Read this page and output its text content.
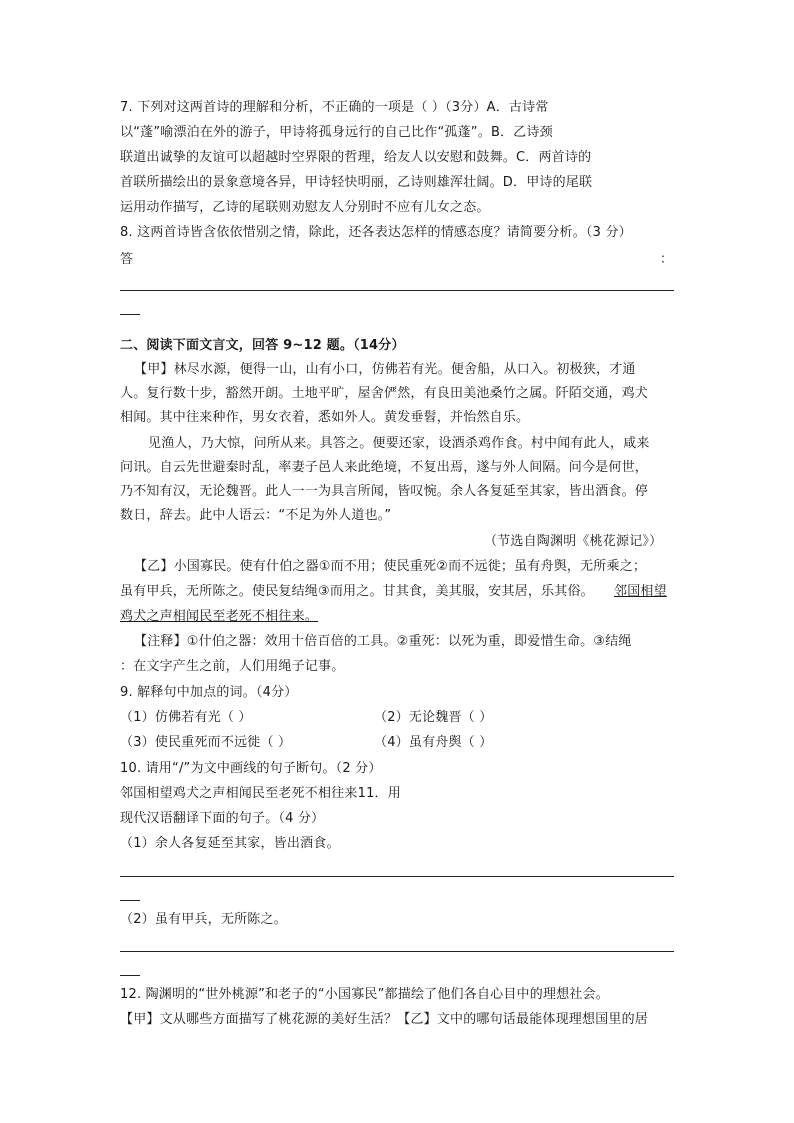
7. 下列对这两首诗的理解和分析，不正确的一项是（ ）（3分）A．古诗常
以“蓬”喻漂泊在外的游子，甲诗将孤身远行的自己比作“孤蓬”。B．乙诗颈
联道出诚挚的友谊可以超越时空界限的哲理，给友人以安慰和鼓舞。C．两首诗的
首联所描绘出的景象意境各异，甲诗轻快明丽，乙诗则雄浑壮阔。D．甲诗的尾联
运用动作描写，乙诗的尾联则劝慰友人分别时不应有儿女之态。
8. 这两首诗皆含依依惜别之情，除此，还各表达怎样的情感态度？请简要分析。（3 分）
答	：
二、阅读下面文言文，回答 9~12 题。（14分）
【甲】林尽水源，便得一山，山有小口，仿佛若有光。便舍船，从口入。初极狭，才通
人。复行数十步，豁然开朗。土地平旷，屋舍俨然，有良田美池桑竹之属。阡陌交通，鸡犬
相闻。其中往来种作，男女衣着，悉如外人。黄发垂髫，并怡然自乐。
见渔人，乃大惊，问所从来。具答之。便要还家，设酒杀鸡作食。村中闻有此人，咸来
问讯。自云先世避秦时乱，率妻子邑人来此绝境，不复出焉，遂与外人间隔。问今是何世，
乃不知有汉，无论魏晋。此人一一为具言所闻，皆叹惋。余人各复延至其家，皆出酒食。停
数日，辞去。此中人语云：“不足为外人道也。”
（节选自陶渊明《桃花源记》）
【乙】小国寡民。使有什伯之器①而不用；使民重死②而不远徙；虽有舟舆，无所乘之；
虽有甲兵，无所陈之。使民复结绳③而用之。甘其食，美其服，安其居，乐其俗。 邻国相望
鸡犬之声相闻民至老死不相往来。
【注释】①什伯之器：效用十倍百倍的工具。②重死：以死为重，即爱惜生命。③结绳
：在文字产生之前，人们用绳子记事。
9. 解释句中加点的词。（4分）
（1）仿佛若有光（ ）	（2）无论魏晋（ ）
（3）使民重死而不远徙（ ）	（4）虽有舟舆（ ）
10. 请用“/”为文中画线的句子断句。（2 分）
邻国相望鸡犬之声相闻民至老死不相往来11．用
现代汉语翻译下面的句子。（4 分）
（1）余人各复延至其家，皆出酒食。
（2）虽有甲兵，无所陈之。
12. 陶渊明的“世外桃源”和老子的“小国寡民”都描绘了他们各自心目中的理想社会。
【甲】文从哪些方面描写了桃花源的美好生活？【乙】文中的哪句话最能体现理想国里的居
